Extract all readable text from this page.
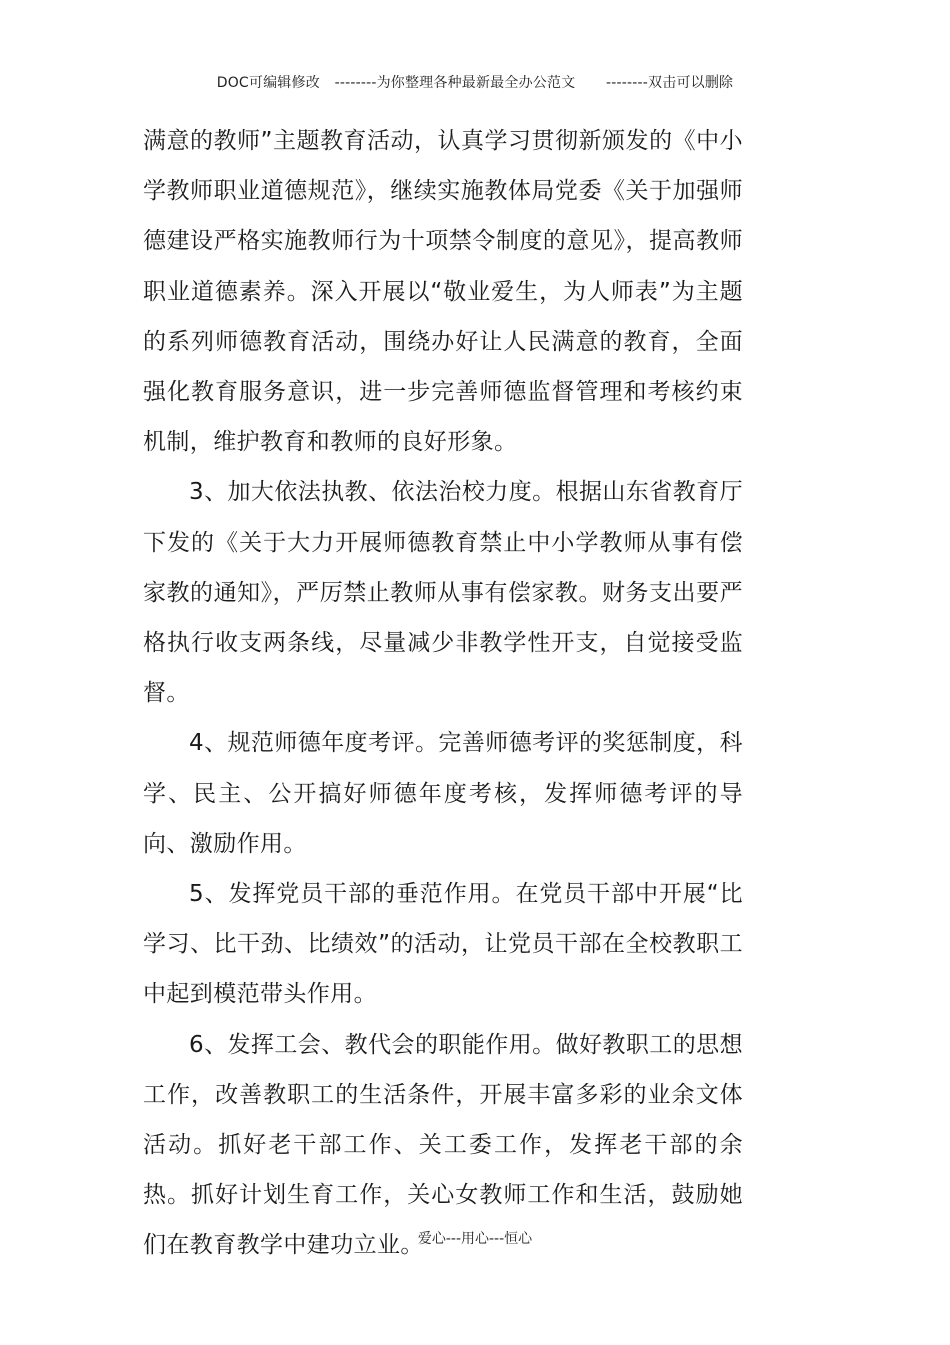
DOC可编辑修改 --------为你整理各种最新最全办公范文 --------双击可以删除

满意的教师”主题教育活动，认真学习贯彻新颁发的《中小学教师职业道德规范》，继续实施教体局党委《关于加强师德建设严格实施教师行为十项禁令制度的意见》，提高教师职业道德素养。深入开展以“敬业爱生，为人师表”为主题的系列师德教育活动，围绕办好让人民满意的教育，全面强化教育服务意识，进一步完善师德监督管理和考核约束机制，维护教育和教师的良好形象。

3、加大依法执教、依法治校力度。根据山东省教育厅下发的《关于大力开展师德教育禁止中小学教师从事有偿家教的通知》，严厉禁止教师从事有偿家教。财务支出要严格执行收支两条线，尽量减少非教学性开支，自觉接受监督。

4、规范师德年度考评。完善师德考评的奖惩制度，科学、民主、公开搞好师德年度考核，发挥师德考评的导向、激励作用。

5、发挥党员干部的垂范作用。在党员干部中开展“比学习、比干劲、比绩效”的活动，让党员干部在全校教职工中起到模范带头作用。

6、发挥工会、教代会的职能作用。做好教职工的思想工作，改善教职工的生活条件，开展丰富多彩的业余文体活动。抓好老干部工作、关工委工作，发挥老干部的余热。抓好计划生育工作，关心女教师工作和生活，鼓励她们在教育教学中建功立业。

爱心---用心---恒心
